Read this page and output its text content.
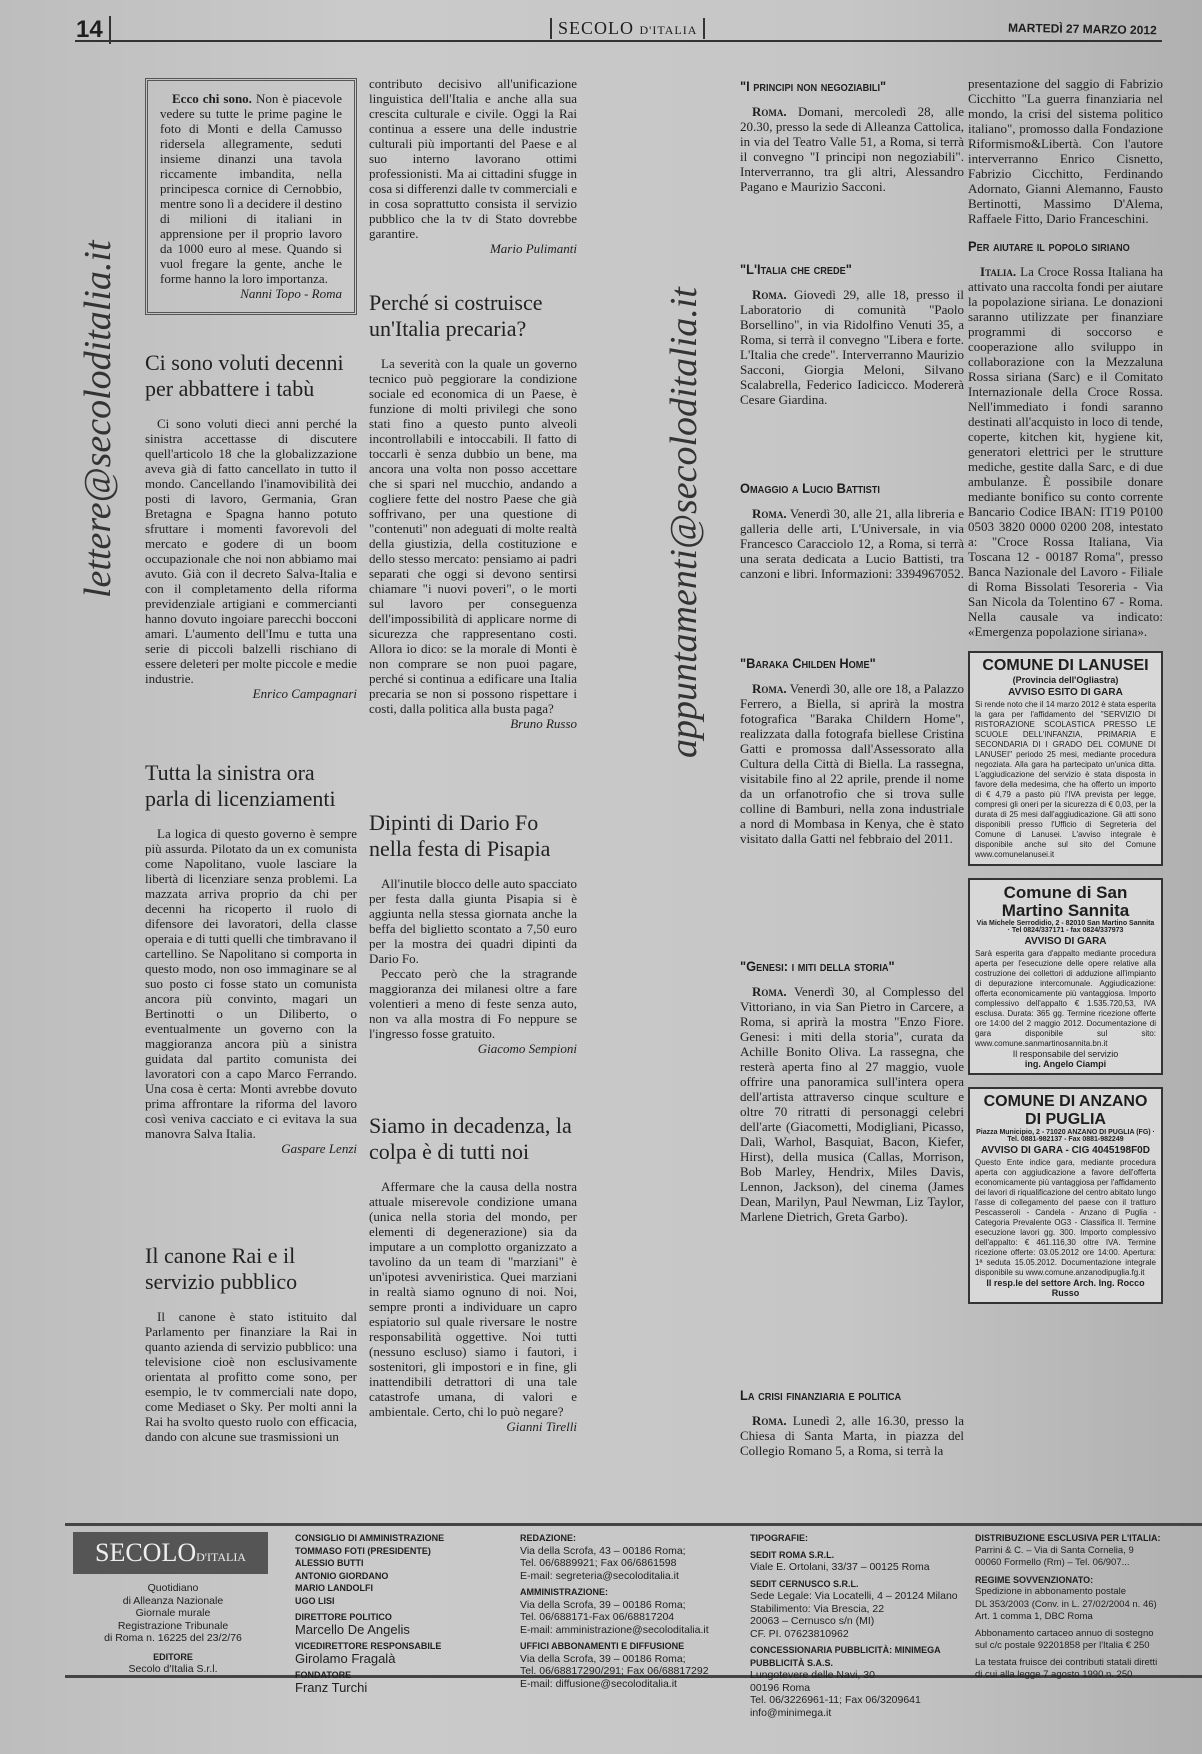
14	SECOLO D'ITALIA	MARTEDÌ 27 MARZO 2012
lettere@secoloditalia.it	appuntamenti@secoloditalia.it

Ecco chi sono. Non è piacevole vedere su tutte le prime pagine le foto di Monti e della Camusso ridersela allegramente, seduti insieme dinanzi una tavola riccamente imbandita, nella principesca cornice di Cernobbio, mentre sono lì a decidere il destino di milioni di italiani in apprensione per il proprio lavoro da 1000 euro al mese. Quando si vuol fregare la gente, anche le forme hanno la loro importanza.

Nanni Topo - Roma
Ci sono voluti decenni per abbattere i tabù

Ci sono voluti dieci anni perché la sinistra accettasse di discutere quell'articolo 18 che la globalizzazione aveva già di fatto cancellato in tutto il mondo. Cancellando l'inamovibilità dei posti di lavoro, Germania, Gran Bretagna e Spagna hanno potuto sfruttare i momenti favorevoli del mercato e godere di un boom occupazionale che noi non abbiamo mai avuto. Già con il decreto Salva-Italia e con il completamento della riforma previdenziale artigiani e commercianti hanno dovuto ingoiare parecchi bocconi amari. L'aumento dell'Imu e tutta una serie di piccoli balzelli rischiano di essere deleteri per molte piccole e medie industrie.

Enrico Campagnari
Tutta la sinistra ora parla di licenziamenti

La logica di questo governo è sempre più assurda. Pilotato da un ex comunista come Napolitano, vuole lasciare la libertà di licenziare senza problemi. La mazzata arriva proprio da chi per decenni ha ricoperto il ruolo di difensore dei lavoratori, della classe operaia e di tutti quelli che timbravano il cartellino. Se Napolitano si comporta in questo modo, non oso immaginare se al suo posto ci fosse stato un comunista ancora più convinto, magari un Bertinotti o un Diliberto, o eventualmente un governo con la maggioranza ancora più a sinistra guidata dal partito comunista dei lavoratori con a capo Marco Ferrando. Una cosa è certa: Monti avrebbe dovuto prima affrontare la riforma del lavoro così veniva cacciato e ci evitava la sua manovra Salva Italia.

Gaspare Lenzi
Il canone Rai e il servizio pubblico

Il canone è stato istituito dal Parlamento per finanziare la Rai in quanto azienda di servizio pubblico: una televisione cioè non esclusivamente orientata al profitto come sono, per esempio, le tv commerciali nate dopo, come Mediaset o Sky. Per molti anni la Rai ha svolto questo ruolo con efficacia, dando con alcune sue trasmissioni un

contributo decisivo all'unificazione linguistica dell'Italia e anche alla sua crescita culturale e civile. Oggi la Rai continua a essere una delle industrie culturali più importanti del Paese e al suo interno lavorano ottimi professionisti. Ma ai cittadini sfugge in cosa si differenzi dalle tv commerciali e in cosa soprattutto consista il servizio pubblico che la tv di Stato dovrebbe garantire.
Mario Pulimanti
Perché si costruisce un'Italia precaria?

La severità con la quale un governo tecnico può peggiorare la condizione sociale ed economica di un Paese, è funzione di molti privilegi che sono stati fino a questo punto alveoli incontrollabili e intoccabili. Il fatto di toccarli è senza dubbio un bene, ma ancora una volta non posso accettare che si spari nel mucchio, andando a cogliere fette del nostro Paese che già soffrivano, per una questione di "contenuti" non adeguati di molte realtà della giustizia, della costituzione e dello stesso mercato: pensiamo ai padri separati che oggi si devono sentirsi chiamare "i nuovi poveri", o le morti sul lavoro per conseguenza dell'impossibilità di applicare norme di sicurezza che rappresentano costi. Allora io dico: se la morale di Monti è non comprare se non puoi pagare, perché si continua a edificare una Italia precaria se non si possono rispettare i costi, dalla politica alla busta paga?

Bruno Russo
Dipinti di Dario Fo nella festa di Pisapia

All'inutile blocco delle auto spacciato per festa dalla giunta Pisapia si è aggiunta nella stessa giornata anche la beffa del biglietto scontato a 7,50 euro per la mostra dei quadri dipinti da Dario Fo.

Peccato però che la stragrande maggioranza dei milanesi oltre a fare volentieri a meno di feste senza auto, non va alla mostra di Fo neppure se l'ingresso fosse gratuito.

Giacomo Sempioni
Siamo in decadenza, la colpa è di tutti noi

Affermare che la causa della nostra attuale miserevole condizione umana (unica nella storia del mondo, per elementi di degenerazione) sia da imputare a un complotto organizzato a tavolino da un team di "marziani" è un'ipotesi avveniristica. Quei marziani in realtà siamo ognuno di noi. Noi, sempre pronti a individuare un capro espiatorio sul quale riversare le nostre responsabilità oggettive. Noi tutti (nessuno escluso) siamo i fautori, i sostenitori, gli impostori e in fine, gli inattendibili detrattori di una tale catastrofe umana, di valori e ambientale. Certo, chi lo può negare?

Gianni Tirelli
"I principi non negoziabili"

Roma. Domani, mercoledì 28, alle 20.30, presso la sede di Alleanza Cattolica, in via del Teatro Valle 51, a Roma, si terrà il convegno "I principi non negoziabili". Interverranno, tra gli altri, Alessandro Pagano e Maurizio Sacconi.

"L'Italia che crede"

Roma. Giovedì 29, alle 18, presso il Laboratorio di comunità "Paolo Borsellino", in via Ridolfino Venuti 35, a Roma, si terrà il convegno "Libera e forte. L'Italia che crede". Interverranno Maurizio Sacconi, Giorgia Meloni, Silvano Scalabrella, Federico Iadicicco. Modererà Cesare Giardina.

Omaggio a Lucio Battisti

Roma. Venerdì 30, alle 21, alla libreria e galleria delle arti, L'Universale, in via Francesco Caracciolo 12, a Roma, si terrà una serata dedicata a Lucio Battisti, tra canzoni e libri. Informazioni: 3394967052.

"Baraka Childen Home"

Roma. Venerdì 30, alle ore 18, a Palazzo Ferrero, a Biella, si aprirà la mostra fotografica "Baraka Childern Home", realizzata dalla fotografa biellese Cristina Gatti e promossa dall'Assessorato alla Cultura della Città di Biella. La rassegna, visitabile fino al 22 aprile, prende il nome da un orfanotrofio che si trova sulle colline di Bamburi, nella zona industriale a nord di Mombasa in Kenya, che è stato visitato dalla Gatti nel febbraio del 2011.

"Genesi: i miti della storia"

Roma. Venerdì 30, al Complesso del Vittoriano, in via San Pietro in Carcere, a Roma, si aprirà la mostra "Enzo Fiore. Genesi: i miti della storia", curata da Achille Bonito Oliva. La rassegna, che resterà aperta fino al 27 maggio, vuole offrire una panoramica sull'intera opera dell'artista attraverso cinque sculture e oltre 70 ritratti di personaggi celebri dell'arte (Giacometti, Modigliani, Picasso, Dalì, Warhol, Basquiat, Bacon, Kiefer, Hirst), della musica (Callas, Morrison, Bob Marley, Hendrix, Miles Davis, Lennon, Jackson), del cinema (James Dean, Marilyn, Paul Newman, Liz Taylor, Marlene Dietrich, Greta Garbo).

La crisi finanziaria e politica

Roma. Lunedì 2, alle 16.30, presso la Chiesa di Santa Marta, in piazza del Collegio Romano 5, a Roma, si terrà la

presentazione del saggio di Fabrizio Cicchitto "La guerra finanziaria nel mondo, la crisi del sistema politico italiano", promosso dalla Fondazione Riformismo&Libertà. Con l'autore interverranno Enrico Cisnetto, Fabrizio Cicchitto, Ferdinando Adornato, Gianni Alemanno, Fausto Bertinotti, Massimo D'Alema, Raffaele Fitto, Dario Franceschini.
Per aiutare il popolo siriano

Italia. La Croce Rossa Italiana ha attivato una raccolta fondi per aiutare la popolazione siriana. Le donazioni saranno utilizzate per finanziare programmi di soccorso e cooperazione allo sviluppo in collaborazione con la Mezzaluna Rossa siriana (Sarc) e il Comitato Internazionale della Croce Rossa. Nell'immediato i fondi saranno destinati all'acquisto in loco di tende, coperte, kitchen kit, hygiene kit, generatori elettrici per le strutture mediche, gestite dalla Sarc, e di due ambulanze. È possibile donare mediante bonifico su conto corrente Bancario Codice IBAN: IT19 P0100 0503 3820 0000 0200 208, intestato a: "Croce Rossa Italiana, Via Toscana 12 - 00187 Roma", presso Banca Nazionale del Lavoro - Filiale di Roma Bissolati Tesoreria - Via San Nicola da Tolentino 67 - Roma. Nella causale va indicato: «Emergenza popolazione siriana».

COMUNE DI LANUSEI
(Provincia dell'Ogliastra)
AVVISO ESITO DI GARA
Si rende noto che il 14 marzo 2012 è stata esperita la gara per l'affidamento del "SERVIZIO DI RISTORAZIONE SCOLASTICA PRESSO LE SCUOLE DELL'INFANZIA, PRIMARIA E SECONDARIA DI I GRADO DEL COMUNE DI LANUSEI" periodo 25 mesi, mediante procedura negoziata. Alla gara ha partecipato un'unica ditta. L'aggiudicazione del servizio è stata disposta in favore della medesima, che ha offerto un importo di € 4,79 a pasto più l'IVA prevista per legge, compresi gli oneri per la sicurezza di € 0,03, per la durata di 25 mesi dall'aggiudicazione. Gli atti sono disponibili presso l'Ufficio di Segreteria del Comune di Lanusei. L'avviso integrale è disponibile anche sul sito del Comune www.comunelanusei.it
Comune di San Martino Sannita
Via Michele Serrodidio, 2 - 82010 San Martino Sannita · Tel 0824/337171 - fax 0824/337973
AVVISO DI GARA
Sarà esperita gara d'appalto mediante procedura aperta per l'esecuzione delle opere relative alla costruzione dei collettori di adduzione all'impianto di depurazione intercomunale. Aggiudicazione: offerta economicamente più vantaggiosa. Importo complessivo dell'appalto € 1.535.720,53, IVA esclusa. Durata: 365 gg. Termine ricezione offerte ore 14:00 del 2 maggio 2012. Documentazione di gara disponibile sul sito: www.comune.sanmartinosannita.bn.it
Il responsabile del servizio
ing. Angelo Ciampi
COMUNE DI ANZANO DI PUGLIA
Piazza Municipio, 2 - 71020 ANZANO DI PUGLIA (FG) · Tel. 0881-982137 - Fax 0881-982249
AVVISO DI GARA - CIG 4045198F0D
Questo Ente indice gara, mediante procedura aperta con aggiudicazione a favore dell'offerta economicamente più vantaggiosa per l'affidamento dei lavori di riqualificazione del centro abitato lungo l'asse di collegamento del paese con il tratturo Pescasseroli - Candela - Anzano di Puglia - Categoria Prevalente OG3 - Classifica II. Termine esecuzione lavori gg. 300. Importo complessivo dell'appalto: € 461.116,30 oltre IVA. Termine ricezione offerte: 03.05.2012 ore 14:00. Apertura: 1ª seduta 15.05.2012. Documentazione integrale disponibile su www.comune.anzanodipuglia.fg.it
Il resp.le del settore Arch. Ing. Rocco Russo
SECOLOD'ITALIA
Quotidiano
di Alleanza Nazionale
Giornale murale
Registrazione Tribunale
di Roma n. 16225 del 23/2/76
EDITORE
Secolo d'Italia S.r.l.
CONSIGLIO DI AMMINISTRAZIONE
TOMMASO FOTI (PRESIDENTE)
ALESSIO BUTTI
ANTONIO GIORDANO
MARIO LANDOLFI
UGO LISI
DIRETTORE POLITICO
Marcello De Angelis
VICEDIRETTORE RESPONSABILE
Girolamo Fragalà
FONDATORE
Franz Turchi
REDAZIONE:
Via della Scrofa, 43 – 00186 Roma;
Tel. 06/6889921; Fax 06/6861598
E-mail: segreteria@secoloditalia.it
AMMINISTRAZIONE:
Via della Scrofa, 39 – 00186 Roma;
Tel. 06/688171-Fax 06/68817204
E-mail: amministrazione@secoloditalia.it
UFFICI ABBONAMENTI E DIFFUSIONE
Via della Scrofa, 39 – 00186 Roma;
Tel. 06/68817290/291; Fax 06/68817292
E-mail: diffusione@secoloditalia.it
TIPOGRAFIE:
SEDIT ROMA S.R.L.
Viale E. Ortolani, 33/37 – 00125 Roma
SEDIT CERNUSCO S.R.L.
Sede Legale: Via Locatelli, 4 – 20124 Milano
Stabilimento: Via Brescia, 22
20063 – Cernusco s/n (MI)
CF. PI. 07623810962
CONCESSIONARIA PUBBLICITÀ: MINIMEGA PUBBLICITÀ S.A.S.
Lungotevere delle Navi, 30
00196 Roma
Tel. 06/3226961-11; Fax 06/3209641
info@minimega.it
DISTRIBUZIONE ESCLUSIVA PER L'ITALIA:
Parrini & C. – Via di Santa Cornelia, 9
00060 Formello (Rm) – Tel. 06/907...
REGIME SOVVENZIONATO:
Spedizione in abbonamento postale
DL 353/2003 (Conv. in L. 27/02/2004 n. 46)
Art. 1 comma 1, DBC Roma
Abbonamento cartaceo annuo di sostegno
sul c/c postale 92201858 per l'Italia € 250
La testata fruisce dei contributi statali diretti
di cui alla legge 7 agosto 1990 n. 250
